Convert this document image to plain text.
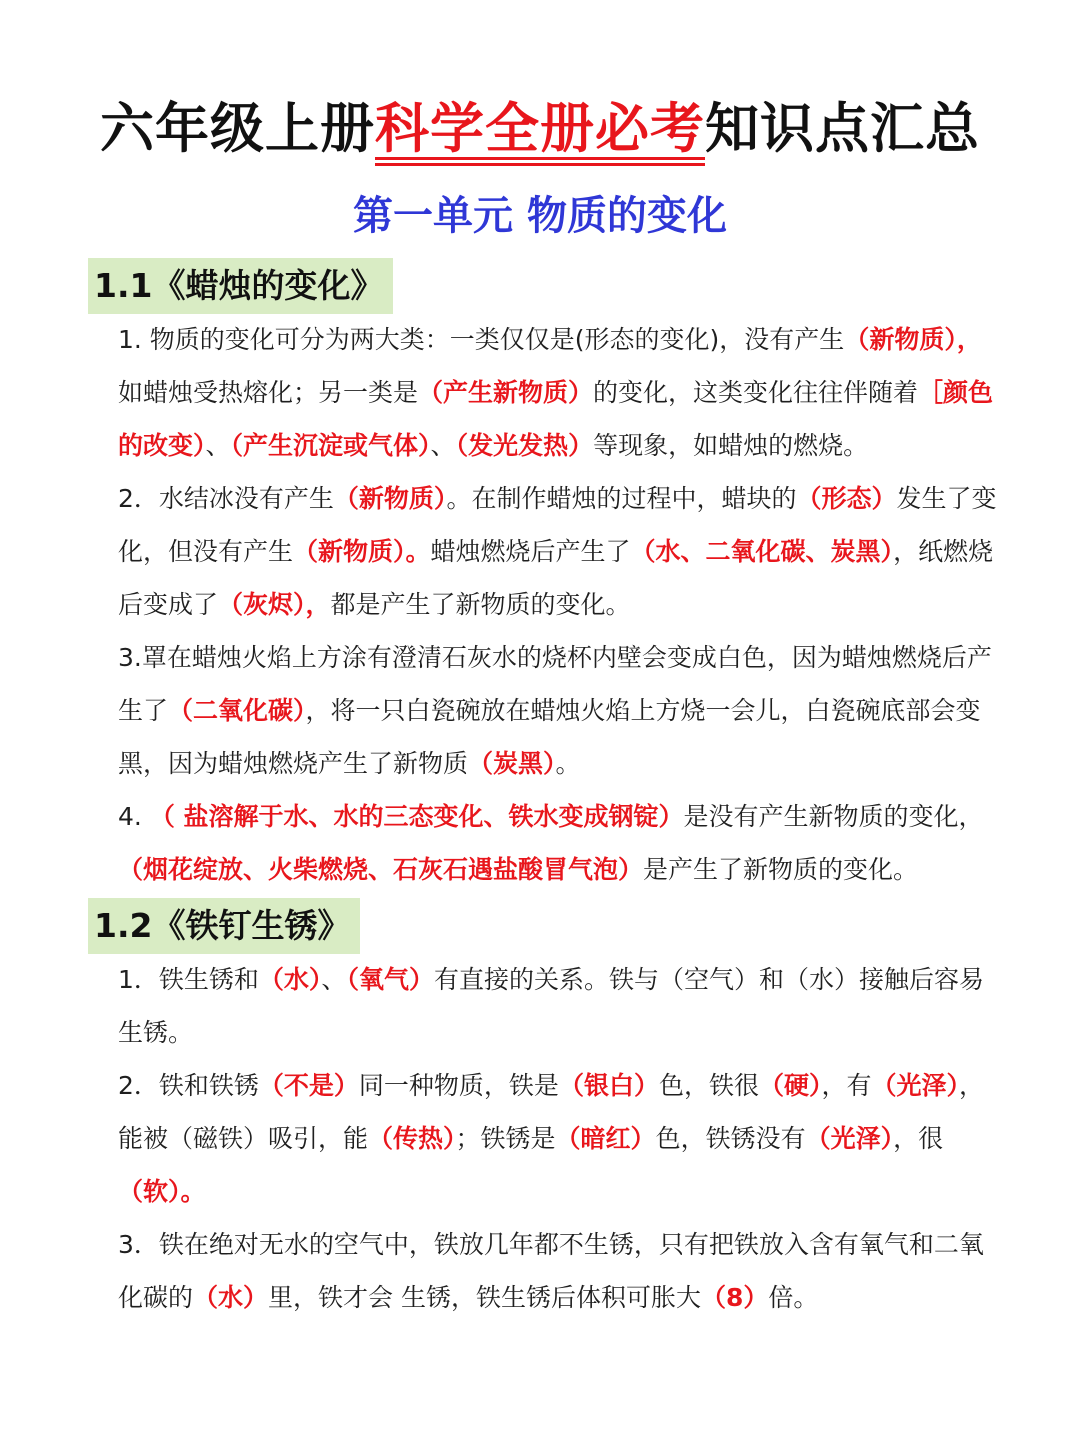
六年级上册科学全册必考知识点汇总
第一单元 物质的变化
1.1《蜡烛的变化》

1. 物质的变化可分为两大类：一类仅仅是(形态的变化)，没有产生（新物质），如蜡烛受热熔化；另一类是（产生新物质）的变化，这类变化往往伴随着［颜色的改变）、（产生沉淀或气体）、（发光发热）等现象，如蜡烛的燃烧。

2．水结冰没有产生（新物质）。在制作蜡烛的过程中，蜡块的（形态）发生了变化，但没有产生（新物质）。蜡烛燃烧后产生了（水、二氧化碳、炭黑），纸燃烧后变成了（灰烬），都是产生了新物质的变化。

3.罩在蜡烛火焰上方涂有澄清石灰水的烧杯内壁会变成白色，因为蜡烛燃烧后产生了（二氧化碳），将一只白瓷碗放在蜡烛火焰上方烧一会儿，白瓷碗底部会变黑，因为蜡烛燃烧产生了新物质（炭黑）。

4. （ 盐溶解于水、水的三态变化、铁水变成钢锭）是没有产生新物质的变化，（烟花绽放、火柴燃烧、石灰石遇盐酸冒气泡）是产生了新物质的变化。

1.2《铁钉生锈》

1．铁生锈和（水）、（氧气）有直接的关系。铁与（空气）和（水）接触后容易生锈。

2．铁和铁锈（不是）同一种物质，铁是（银白）色，铁很（硬），有（光泽），能被（磁铁）吸引，能（传热）；铁锈是（暗红）色，铁锈没有（光泽），很（软）。

3．铁在绝对无水的空气中，铁放几年都不生锈，只有把铁放入含有氧气和二氧化碳的（水）里，铁才会 生锈，铁生锈后体积可胀大（8）倍。
